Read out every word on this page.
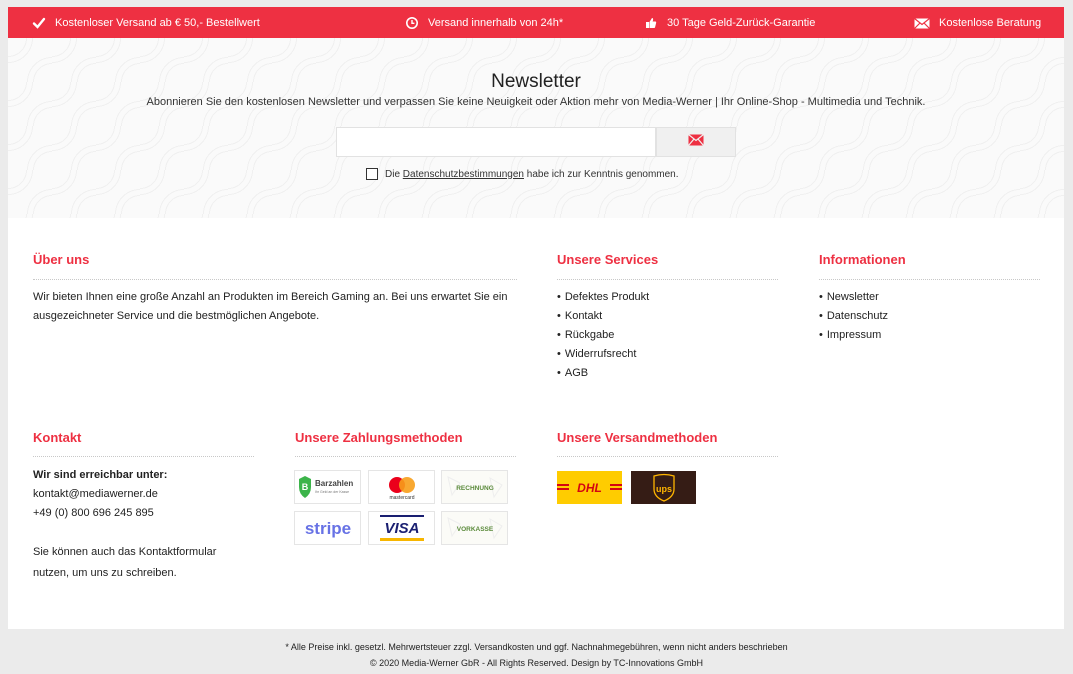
Kostenloser Versand ab € 50,- Bestellwert	Versand innerhalb von 24h*	30 Tage Geld-Zurück-Garantie	Kostenlose Beratung
Newsletter
Abonnieren Sie den kostenlosen Newsletter und verpassen Sie keine Neuigkeit oder Aktion mehr von Media-Werner | Ihr Online-Shop - Multimedia und Technik.
Die
Datenschutzbestimmungen
habe ich zur Kenntnis genommen.
Über uns
Wir bieten Ihnen eine große Anzahl an Produkten im Bereich Gaming an. Bei uns erwartet Sie ein ausgezeichneter Service und die bestmöglichen Angebote.
Unsere Services
• Defektes Produkt
• Kontakt
• Rückgabe
• Widerrufsrecht
• AGB
Informationen
• Newsletter
• Datenschutz
• Impressum
Kontakt
Wir sind erreichbar unter:
kontakt@mediawerner.de
+49 (0) 800 696 245 895
Sie können auch das Kontaktformular nutzen, um uns zu schreiben.
Unsere Zahlungsmethoden
B Barzahlen
Ihr Geld an der Kasse
mastercard
RECHNUNG
stripe VISA	VORKASSE
Unsere Versandmethoden
DHL	ups
* Alle Preise inkl. gesetzl. Mehrwertsteuer zzgl. Versandkosten und ggf. Nachnahmegebühren, wenn nicht anders beschrieben
© 2020 Media-Werner GbR - All Rights Reserved. Design by TC-Innovations GmbH
